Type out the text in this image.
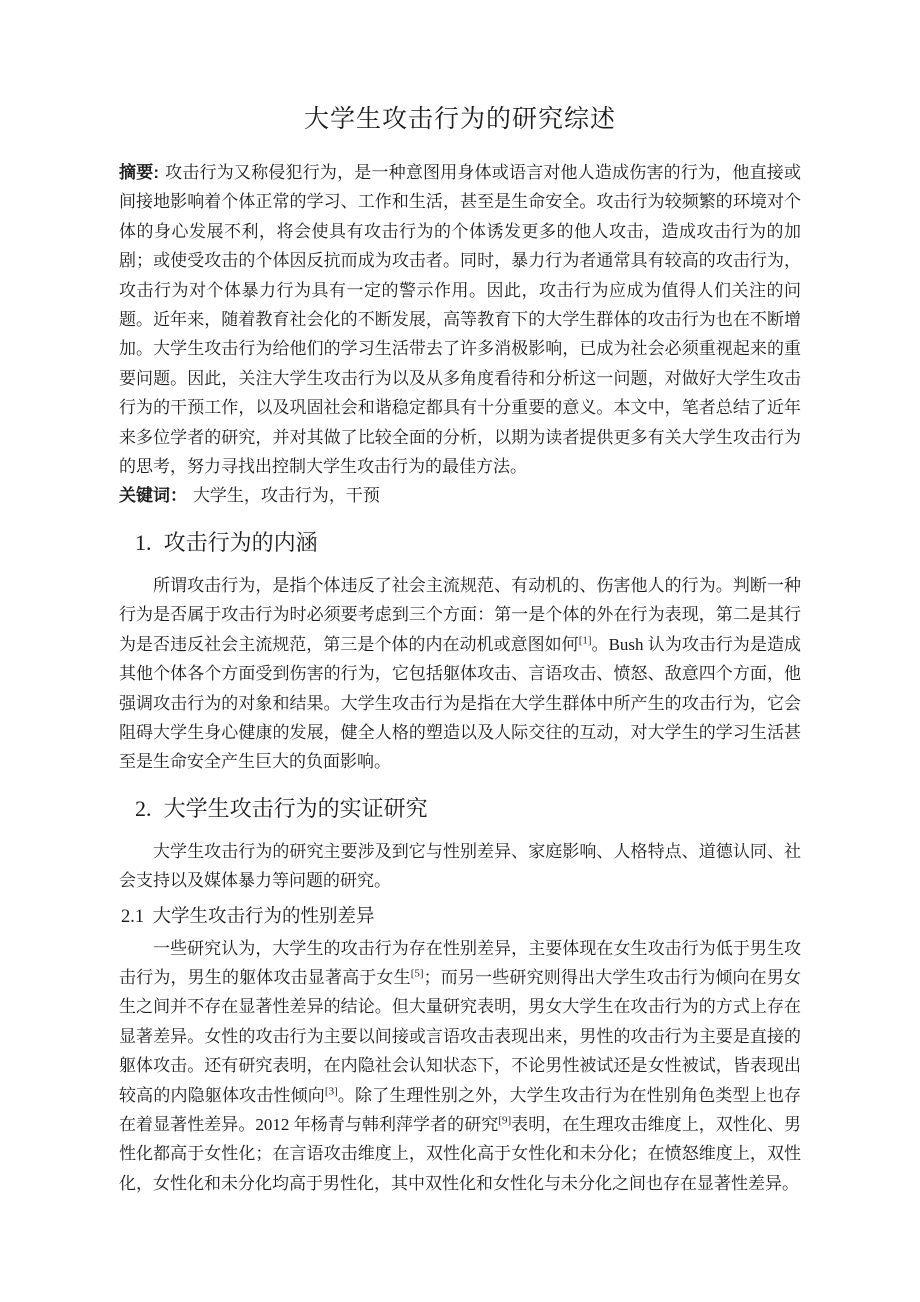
大学生攻击行为的研究综述

摘要: 攻击行为又称侵犯行为，是一种意图用身体或语言对他人造成伤害的行为，他直接或间接地影响着个体正常的学习、工作和生活，甚至是生命安全。攻击行为较频繁的环境对个体的身心发展不利，将会使具有攻击行为的个体诱发更多的他人攻击，造成攻击行为的加剧；或使受攻击的个体因反抗而成为攻击者。同时，暴力行为者通常具有较高的攻击行为，攻击行为对个体暴力行为具有一定的警示作用。因此，攻击行为应成为值得人们关注的问题。近年来，随着教育社会化的不断发展，高等教育下的大学生群体的攻击行为也在不断增加。大学生攻击行为给他们的学习生活带去了许多消极影响，已成为社会必须重视起来的重要问题。因此，关注大学生攻击行为以及从多角度看待和分析这一问题，对做好大学生攻击行为的干预工作，以及巩固社会和谐稳定都具有十分重要的意义。本文中，笔者总结了近年来多位学者的研究，并对其做了比较全面的分析，以期为读者提供更多有关大学生攻击行为的思考，努力寻找出控制大学生攻击行为的最佳方法。

关键词： 大学生，攻击行为，干预

1. 攻击行为的内涵

所谓攻击行为，是指个体违反了社会主流规范、有动机的、伤害他人的行为。判断一种行为是否属于攻击行为时必须要考虑到三个方面：第一是个体的外在行为表现，第二是其行为是否违反社会主流规范，第三是个体的内在动机或意图如何[1]。Bush 认为攻击行为是造成其他个体各个方面受到伤害的行为，它包括躯体攻击、言语攻击、愤怒、敌意四个方面，他强调攻击行为的对象和结果。大学生攻击行为是指在大学生群体中所产生的攻击行为，它会阻碍大学生身心健康的发展，健全人格的塑造以及人际交往的互动，对大学生的学习生活甚至是生命安全产生巨大的负面影响。

2. 大学生攻击行为的实证研究

大学生攻击行为的研究主要涉及到它与性别差异、家庭影响、人格特点、道德认同、社会支持以及媒体暴力等问题的研究。

2.1 大学生攻击行为的性别差异

一些研究认为，大学生的攻击行为存在性别差异，主要体现在女生攻击行为低于男生攻击行为，男生的躯体攻击显著高于女生[5]；而另一些研究则得出大学生攻击行为倾向在男女生之间并不存在显著性差异的结论。但大量研究表明，男女大学生在攻击行为的方式上存在显著差异。女性的攻击行为主要以间接或言语攻击表现出来，男性的攻击行为主要是直接的躯体攻击。还有研究表明，在内隐社会认知状态下，不论男性被试还是女性被试，皆表现出较高的内隐躯体攻击性倾向[3]。除了生理性别之外，大学生攻击行为在性别角色类型上也存在着显著性差异。2012 年杨青与韩利萍学者的研究[9]表明，在生理攻击维度上，双性化、男性化都高于女性化；在言语攻击维度上，双性化高于女性化和未分化；在愤怒维度上，双性化，女性化和未分化均高于男性化，其中双性化和女性化与未分化之间也存在显著性差异。
